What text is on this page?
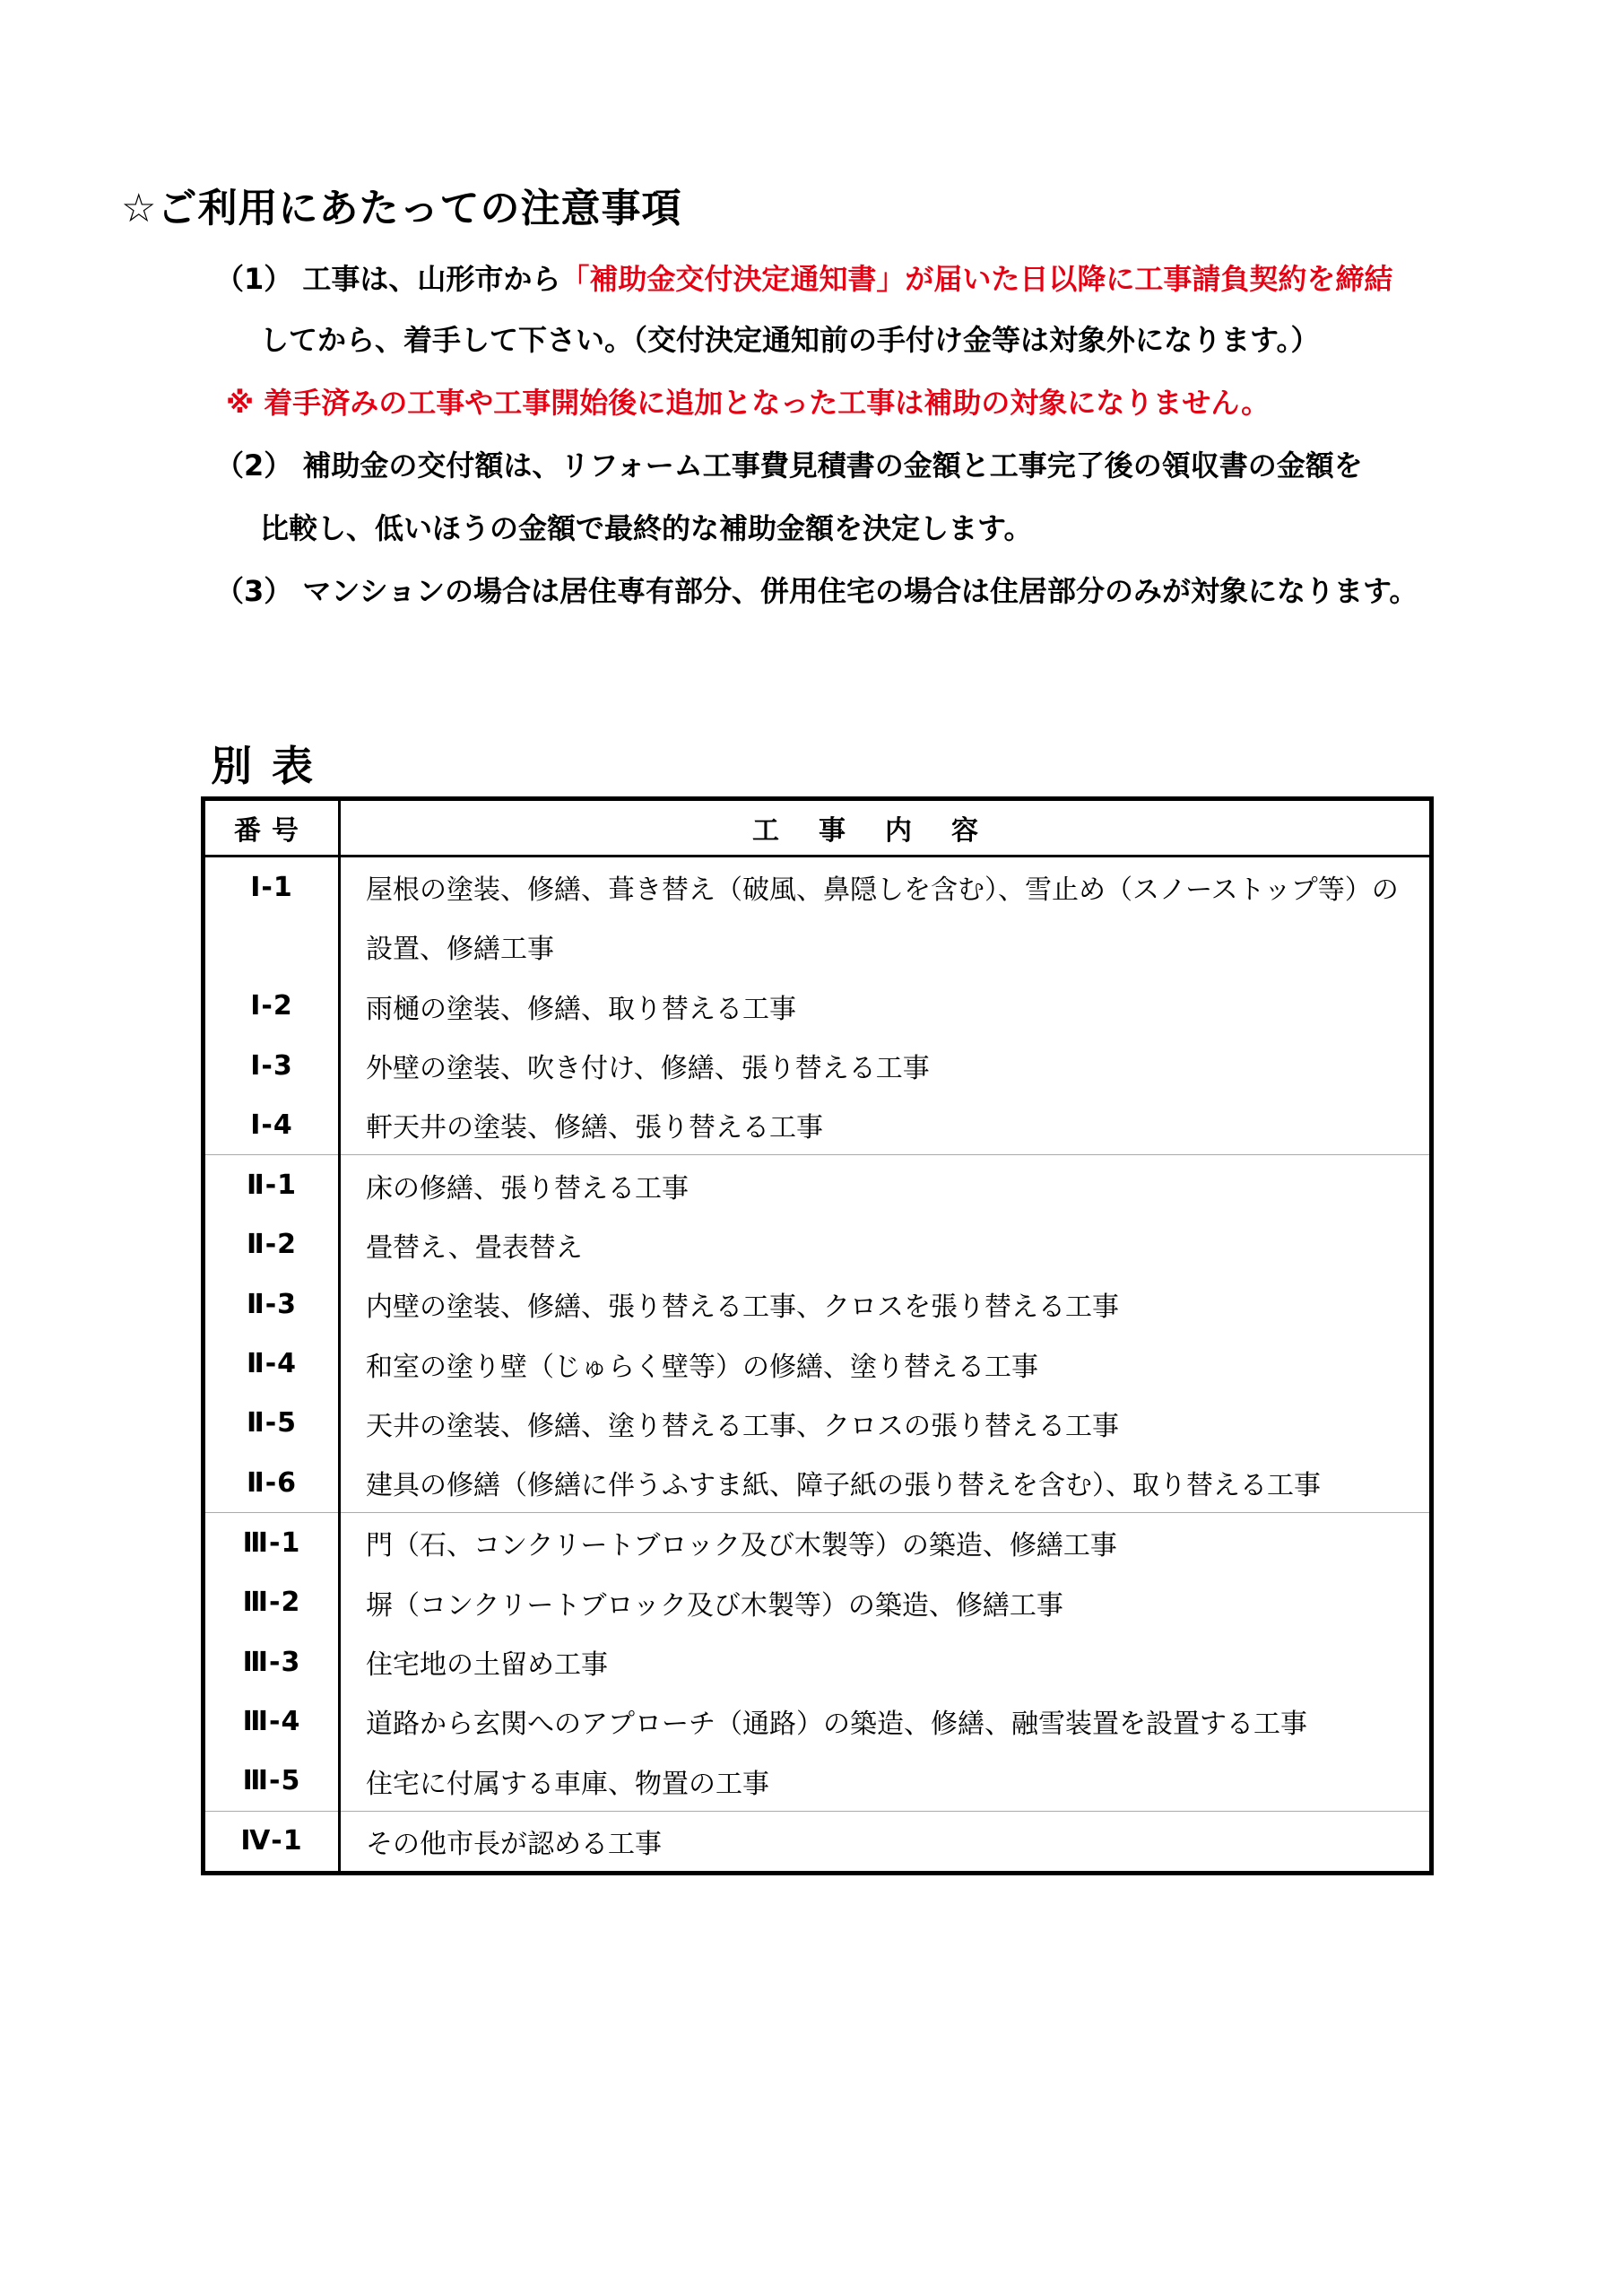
☆ご利用にあたっての注意事項
（1） 工事は、山形市から「補助金交付決定通知書」が届いた日以降に工事請負契約を締結
してから、着手して下さい。（交付決定通知前の手付け金等は対象外になります。）
※ 着手済みの工事や工事開始後に追加となった工事は補助の対象になりません。
（2） 補助金の交付額は、リフォーム工事費見積書の金額と工事完了後の領収書の金額を
比較し、低いほうの金額で最終的な補助金額を決定します。
（3） マンションの場合は居住専有部分、併用住宅の場合は住居部分のみが対象になります。
別表
番号	工事内容
Ⅰ-1	屋根の塗装、修繕、葺き替え（破風、鼻隠しを含む）、雪止め（スノーストップ等）の
	設置、修繕工事
Ⅰ-2	雨樋の塗装、修繕、取り替える工事
Ⅰ-3	外壁の塗装、吹き付け、修繕、張り替える工事
Ⅰ-4	軒天井の塗装、修繕、張り替える工事
Ⅱ-1	床の修繕、張り替える工事
Ⅱ-2	畳替え、畳表替え
Ⅱ-3	内壁の塗装、修繕、張り替える工事、クロスを張り替える工事
Ⅱ-4	和室の塗り壁（じゅらく壁等）の修繕、塗り替える工事
Ⅱ-5	天井の塗装、修繕、塗り替える工事、クロスの張り替える工事
Ⅱ-6	建具の修繕（修繕に伴うふすま紙、障子紙の張り替えを含む）、取り替える工事
Ⅲ-1	門（石、コンクリートブロック及び木製等）の築造、修繕工事
Ⅲ-2	塀（コンクリートブロック及び木製等）の築造、修繕工事
Ⅲ-3	住宅地の土留め工事
Ⅲ-4	道路から玄関へのアプローチ（通路）の築造、修繕、融雪装置を設置する工事
Ⅲ-5	住宅に付属する車庫、物置の工事
Ⅳ-1	その他市長が認める工事
